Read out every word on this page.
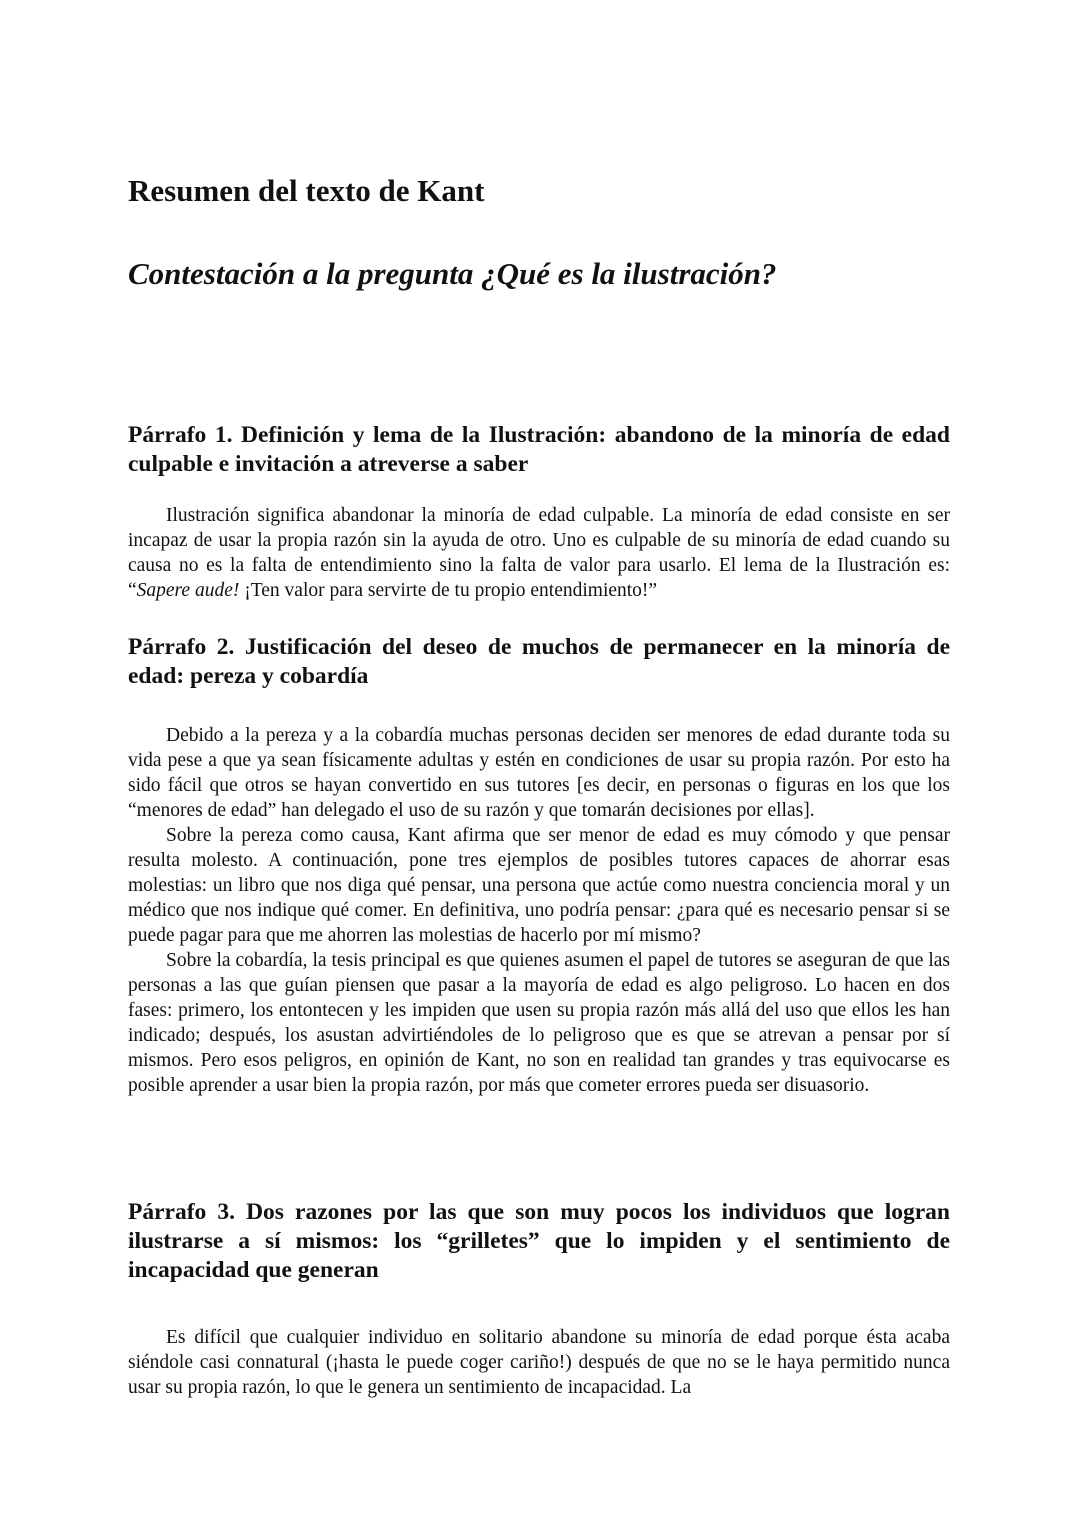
Resumen del texto de Kant
Contestación a la pregunta ¿Qué es la ilustración?
Párrafo 1. Definición y lema de la Ilustración: abandono de la minoría de edad culpable e invitación a atreverse a saber

Ilustración significa abandonar la minoría de edad culpable. La minoría de edad consiste en ser incapaz de usar la propia razón sin la ayuda de otro. Uno es culpable de su minoría de edad cuando su causa no es la falta de entendimiento sino la falta de valor para usarlo. El lema de la Ilustración es: “Sapere aude! ¡Ten valor para servirte de tu propio entendimiento!”

Párrafo 2. Justificación del deseo de muchos de permanecer en la minoría de edad: pereza y cobardía

Debido a la pereza y a la cobardía muchas personas deciden ser menores de edad durante toda su vida pese a que ya sean físicamente adultas y estén en condiciones de usar su propia razón. Por esto ha sido fácil que otros se hayan convertido en sus tutores [es decir, en personas o figuras en los que los “menores de edad” han delegado el uso de su razón y que tomarán decisiones por ellas].

Sobre la pereza como causa, Kant afirma que ser menor de edad es muy cómodo y que pensar resulta molesto. A continuación, pone tres ejemplos de posibles tutores capaces de ahorrar esas molestias: un libro que nos diga qué pensar, una persona que actúe como nuestra conciencia moral y un médico que nos indique qué comer. En definitiva, uno podría pensar: ¿para qué es necesario pensar si se puede pagar para que me ahorren las molestias de hacerlo por mí mismo?

Sobre la cobardía, la tesis principal es que quienes asumen el papel de tutores se aseguran de que las personas a las que guían piensen que pasar a la mayoría de edad es algo peligroso. Lo hacen en dos fases: primero, los entontecen y les impiden que usen su propia razón más allá del uso que ellos les han indicado; después, los asustan advirtiéndoles de lo peligroso que es que se atrevan a pensar por sí mismos. Pero esos peligros, en opinión de Kant, no son en realidad tan grandes y tras equivocarse es posible aprender a usar bien la propia razón, por más que cometer errores pueda ser disuasorio.

Párrafo 3. Dos razones por las que son muy pocos los individuos que logran ilustrarse a sí mismos: los “grilletes” que lo impiden y el sentimiento de incapacidad que generan

Es difícil que cualquier individuo en solitario abandone su minoría de edad porque ésta acaba siéndole casi connatural (¡hasta le puede coger cariño!) después de que no se le haya permitido nunca usar su propia razón, lo que le genera un sentimiento de incapacidad. La
